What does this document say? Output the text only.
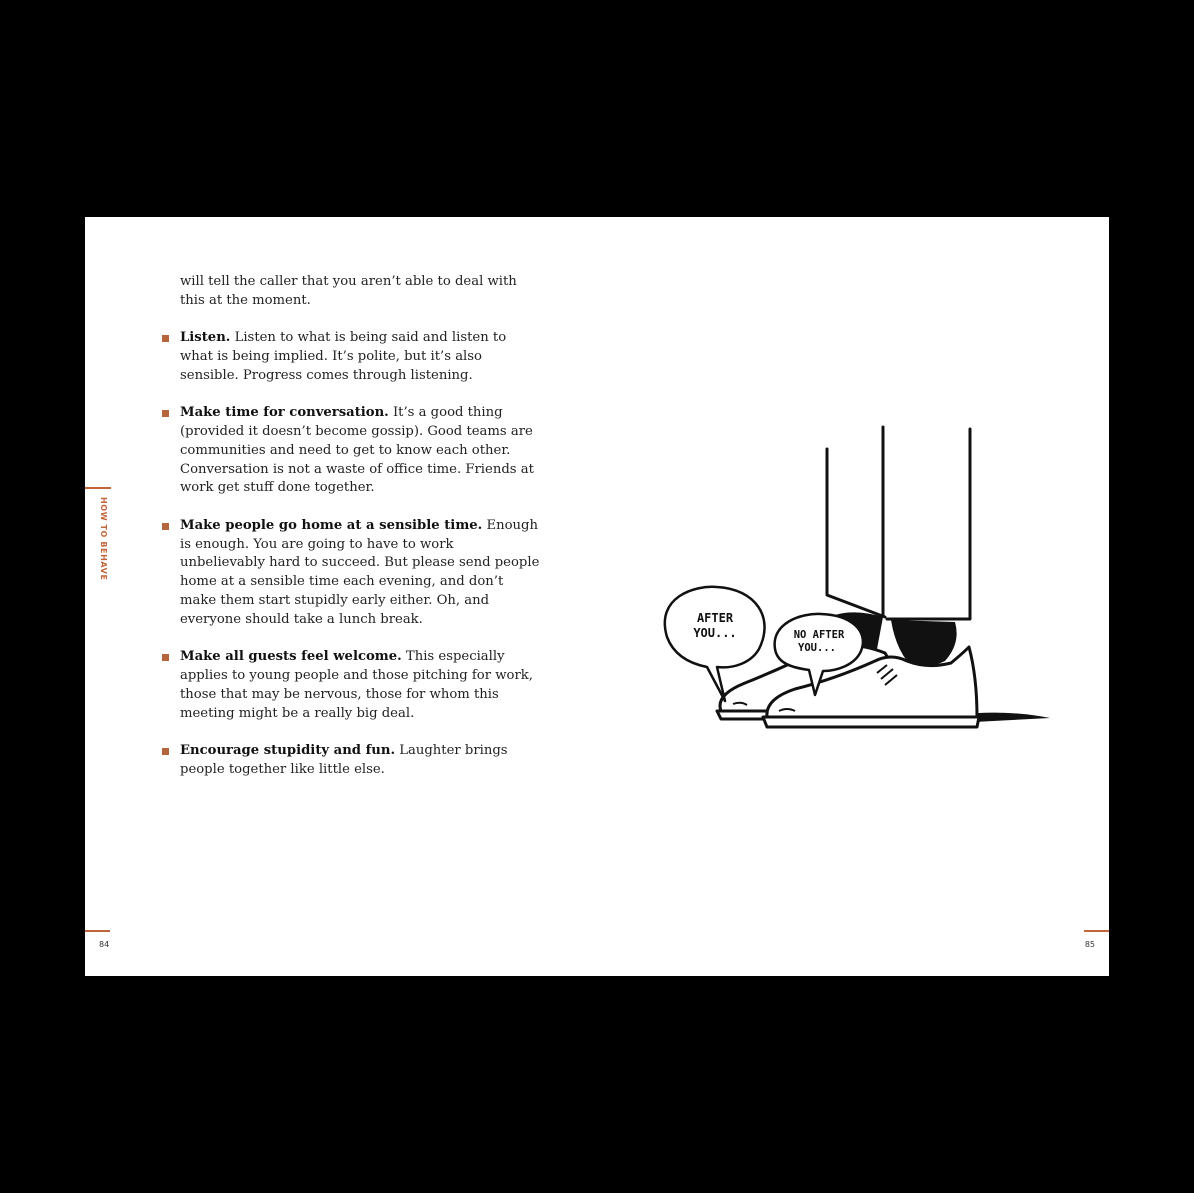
will tell the caller that you aren’t able to deal with this at the moment.

Listen. Listen to what is being said and listen to what is being implied. It’s polite, but it’s also sensible. Progress comes through listening.
Make time for conversation. It’s a good thing (provided it doesn’t become gossip). Good teams are communities and need to get to know each other. Conversation is not a waste of office time. Friends at work get stuff done together.
Make people go home at a sensible time. Enough is enough. You are going to have to work unbelievably hard to succeed. But please send people home at a sensible time each evening, and don’t make them start stupidly early either. Oh, and everyone should take a lunch break.
Make all guests feel welcome. This especially applies to young people and those pitching for work, those that may be nervous, those for whom this meeting might be a really big deal.
Encourage stupidity and fun. Laughter brings people together like little else.
HOW TO BEHAVE
84	85
AFTER
YOU...	NO AFTER
YOU...
